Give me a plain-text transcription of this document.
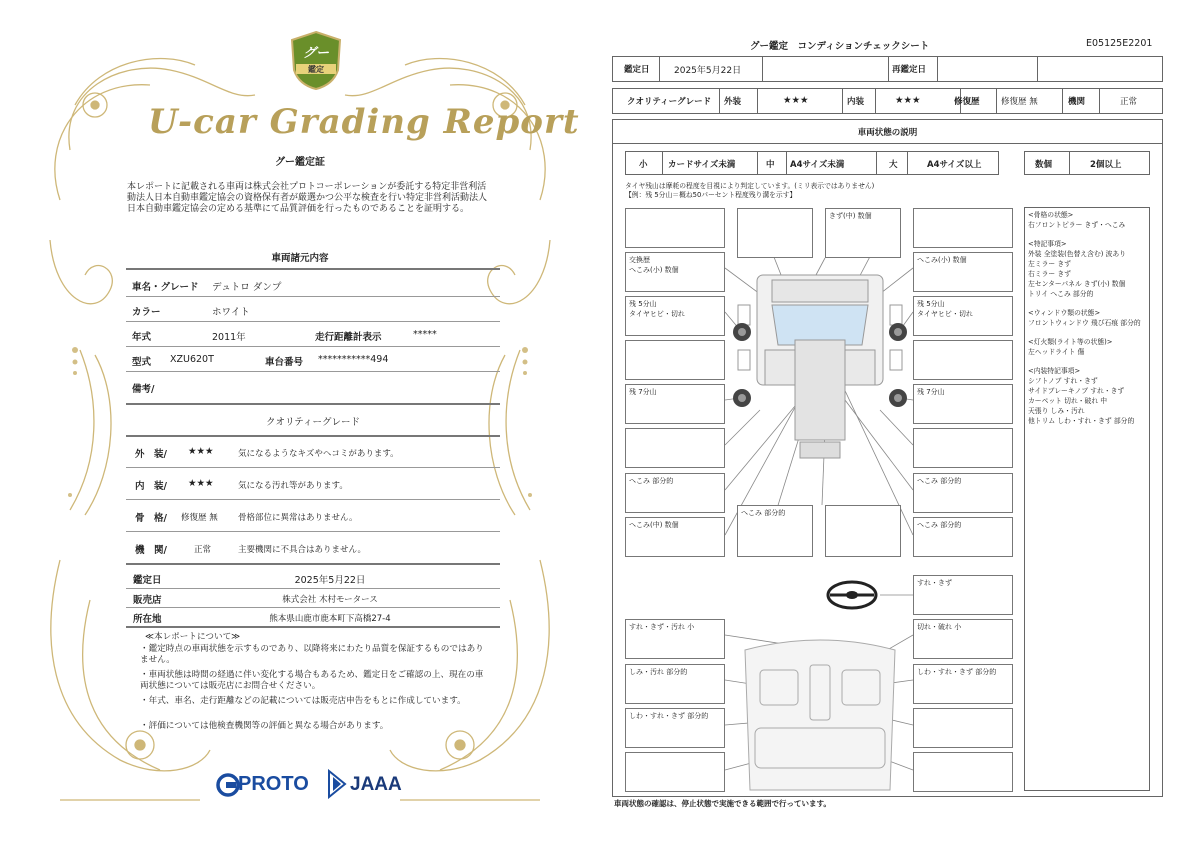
グー
鑑定
U-car Grading Report
グー鑑定証
本レポートに記載される車両は株式会社プロトコーポレーションが委託する特定非営利活動法人日本自動車鑑定協会の資格保有者が厳選かつ公平な検査を行い特定非営利活動法人日本自動車鑑定協会の定める基準にて品質評価を行ったものであることを証明する。
車両諸元内容
車名・グレード デュトロ ダンプ
カラー	ホワイト
年式	2011年	走行距離計表示	*****
型式 XZU620T	車台番号 ***********494
備考/
クオリティーグレード
外　装/ ★★★	気になるようなキズやヘコミがあります。
内　装/ ★★★	気になる汚れ等があります。
骨　格/ 修復歴 無 骨格部位に異常はありません。
機　関/	正常	主要機関に不具合はありません。
鑑定日	2025年5月22日
販売店	株式会社 木村モータース
所在地	熊本県山鹿市鹿本町下高橋27-4
≪本レポートについて≫
・鑑定時点の車両状態を示すものであり、以降将来にわたり品質を保証するものではありません。
・車両状態は時間の経過に伴い変化する場合もあるため、鑑定日をご確認の上、現在の車両状態については販売店にお問合せください。
・年式、車名、走行距離などの記載については販売店申告をもとに作成しています。
・評価については他検査機関等の評価と異なる場合があります。
PROTO JAAA
グー鑑定　コンディションチェックシート	E05125E2201
鑑定日	2025年5月22日	再鑑定日
クオリティーグレード 外装	★★★	内装	★★★	修復歴	修復歴 無	機関	正常
車両状態の説明
小 カードサイズ未満	中 A4サイズ未満	大	A4サイズ以上	数個	2個以上
タイヤ残山は摩耗の程度を目視により判定しています。(ミリ表示ではありません)
【例：残 5分山＝概ね50パーセント程度残り溝を示す】
きず(中) 数個
交換歴
へこみ(小) 数個
へこみ(小) 数個
残 5分山
タイヤヒビ・切れ
残 5分山
タイヤヒビ・切れ
残 7分山	残 7分山
へこみ 部分的	へこみ 部分的
へこみ(中) 数個
へこみ 部分的
へこみ 部分的
すれ・きず
すれ・きず・汚れ 小	切れ・破れ 小
しみ・汚れ 部分的	しわ・すれ・きず 部分的
しわ・すれ・きず 部分的
<骨格の状態>
右フロントピラー きず・へこみ
<特記事項>
外装 全塗装(色替え含む) 波あり
左ミラー きず
右ミラー きず
左センターパネル きず(小) 数個
トリイ へこみ 部分的
<ウィンドウ類の状態>
フロントウィンドウ 飛び石痕 部分的
<灯火類(ライト等の状態)>
左ヘッドライト 傷
<内装特記事項>
シフトノブ すれ・きず
サイドブレーキノブ すれ・きず
カーペット 切れ・破れ 中
天張り しみ・汚れ
他トリム しわ・すれ・きず 部分的
車両状態の確認は、停止状態で実施できる範囲で行っています。
